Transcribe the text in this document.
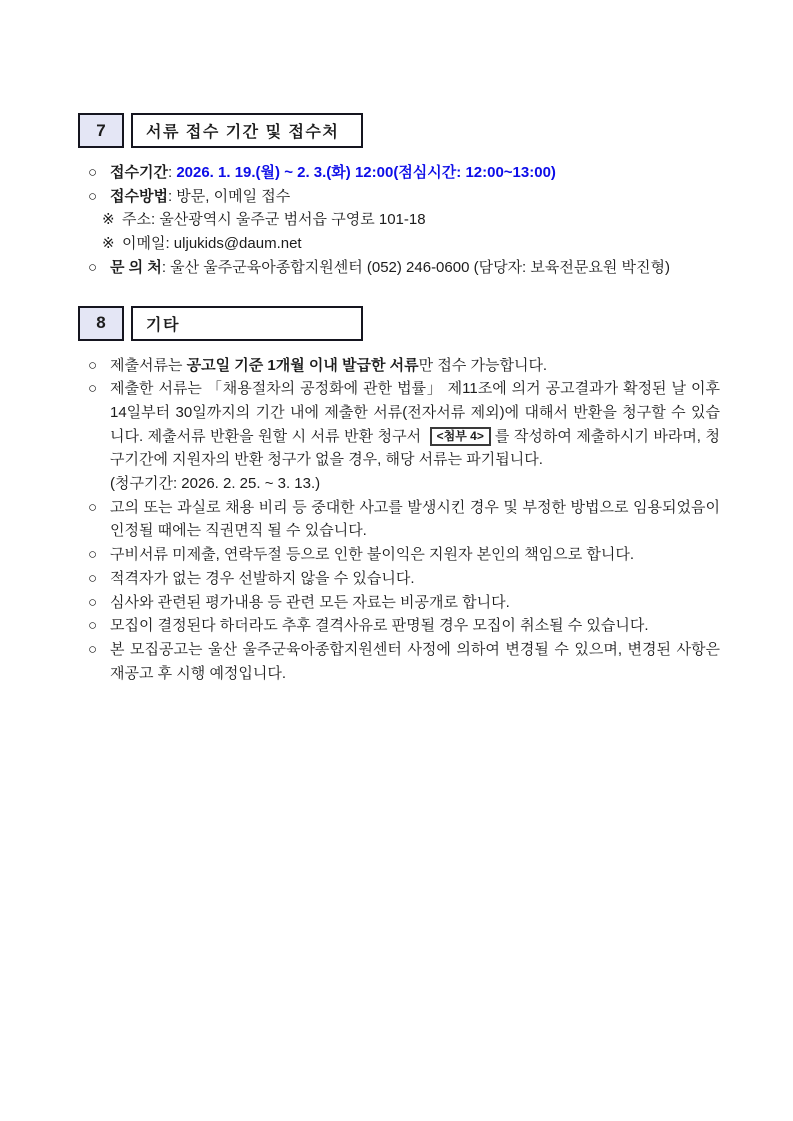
7	서류 접수 기간 및 접수처
○ 접수기간: 2026. 1. 19.(월) ~ 2. 3.(화) 12:00(점심시간: 12:00~13:00)
○ 접수방법: 방문, 이메일 접수
※ 주소: 울산광역시 울주군 범서읍 구영로 101-18
※ 이메일: uljukids@daum.net
○ 문 의 처: 울산 울주군육아종합지원센터 (052) 246-0600 (담당자: 보육전문요원 박진형)
8	기타
○ 제출서류는 공고일 기준 1개월 이내 발급한 서류만 접수 가능합니다.
○ 제출한 서류는 「채용절차의 공정화에 관한 법률」 제11조에 의거 공고결과가 확정된 날 이후 14일부터 30일까지의 기간 내에 제출한 서류(전자서류 제외)에 대해서 반환을 청구할 수 있습니다. 제출서류 반환을 원할 시 서류 반환 청구서 <첨부 4> 를 작성하여 제출하시기 바라며, 청구기간에 지원자의 반환 청구가 없을 경우, 해당 서류는 파기됩니다.
(청구기간: 2026. 2. 25. ~ 3. 13.)
○ 고의 또는 과실로 채용 비리 등 중대한 사고를 발생시킨 경우 및 부정한 방법으로 임용되었음이 인정될 때에는 직권면직 될 수 있습니다.
○ 구비서류 미제출, 연락두절 등으로 인한 불이익은 지원자 본인의 책임으로 합니다.
○ 적격자가 없는 경우 선발하지 않을 수 있습니다.
○ 심사와 관련된 평가내용 등 관련 모든 자료는 비공개로 합니다.
○ 모집이 결정된다 하더라도 추후 결격사유로 판명될 경우 모집이 취소될 수 있습니다.
○ 본 모집공고는 울산 울주군육아종합지원센터 사정에 의하여 변경될 수 있으며, 변경된 사항은 재공고 후 시행 예정입니다.
